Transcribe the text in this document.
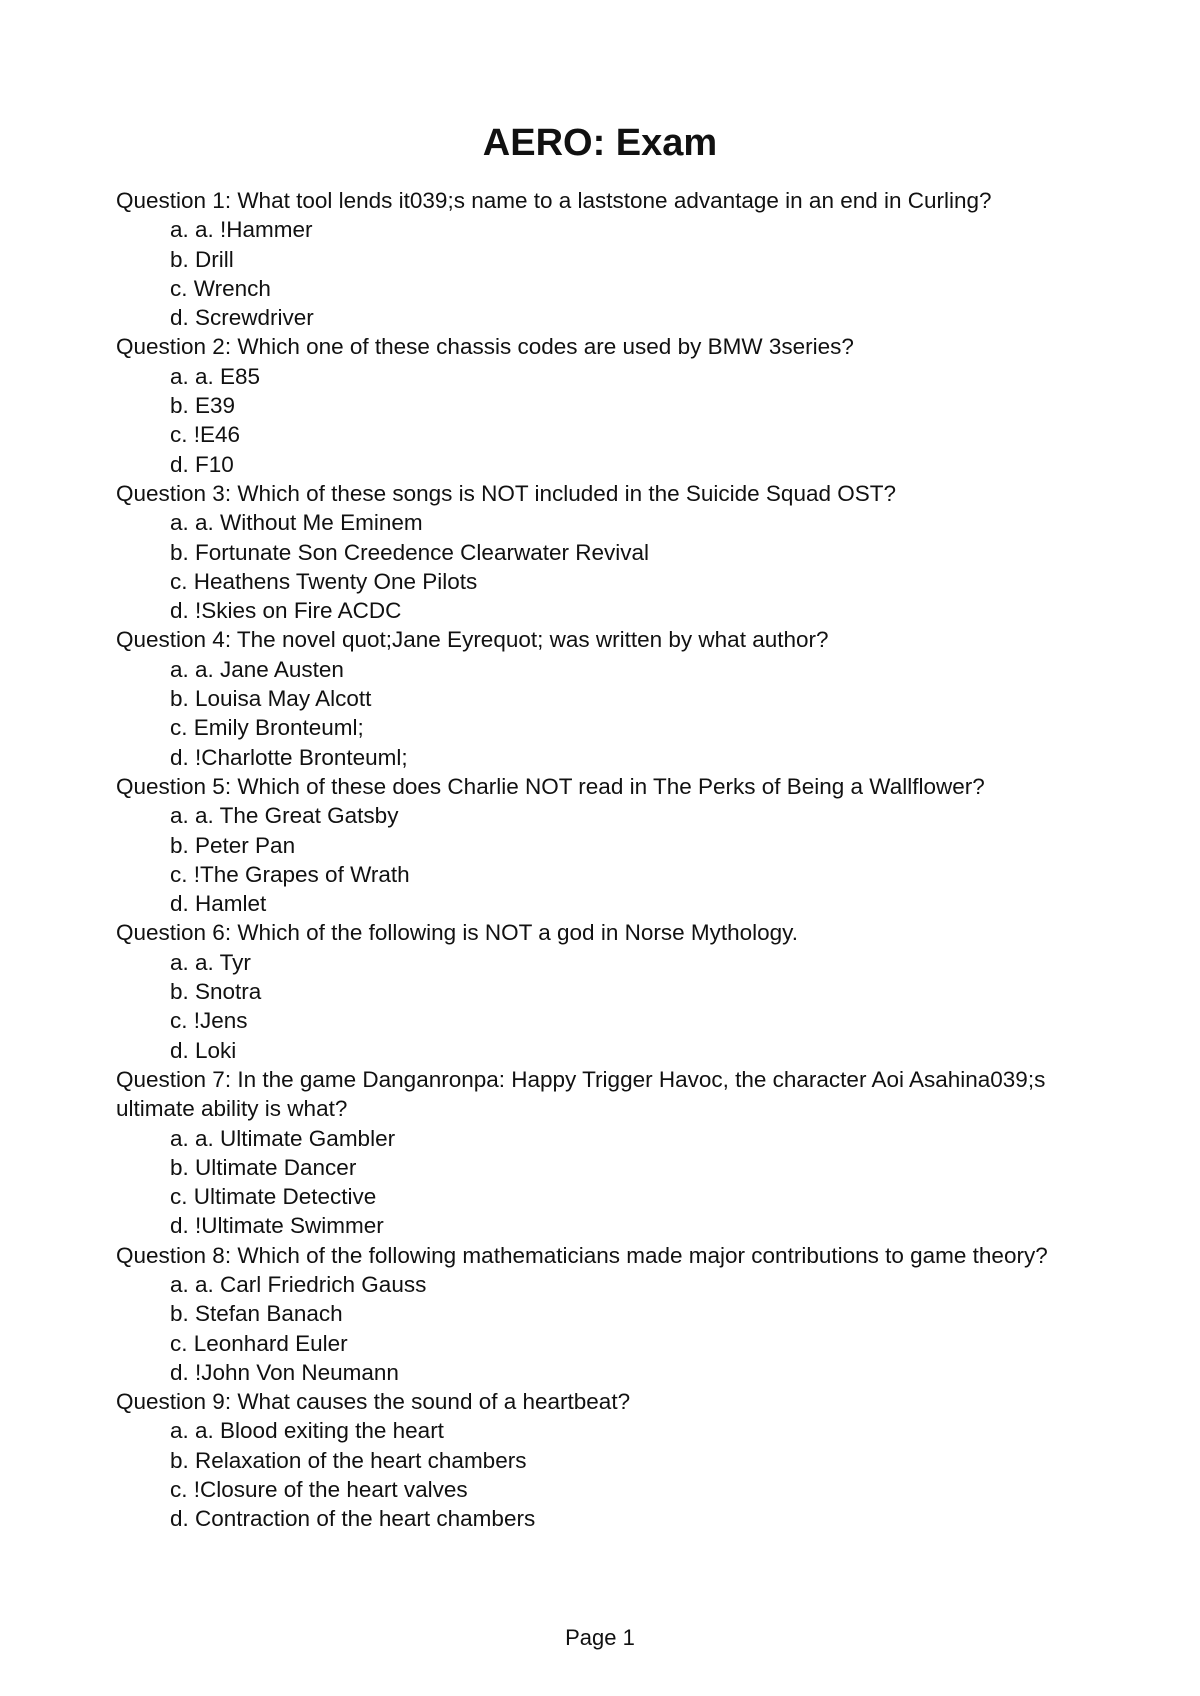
AERO: Exam

Question 1: What tool lends it039;s name to a laststone advantage in an end in Curling?

a. a. !Hammer
b. Drill
c. Wrench
d. Screwdriver

Question 2: Which one of these chassis codes are used by BMW 3series?

a. a. E85
b. E39
c. !E46
d. F10

Question 3: Which of these songs is NOT included in the Suicide Squad OST?

a. a. Without Me Eminem
b. Fortunate Son Creedence Clearwater Revival
c. Heathens Twenty One Pilots
d. !Skies on Fire ACDC

Question 4: The novel quot;Jane Eyrequot; was written by what author?

a. a. Jane Austen
b. Louisa May Alcott
c. Emily Bronteuml;
d. !Charlotte Bronteuml;

Question 5: Which of these does Charlie NOT read in The Perks of Being a Wallflower?

a. a. The Great Gatsby
b. Peter Pan
c. !The Grapes of Wrath
d. Hamlet

Question 6: Which of the following is NOT a god in Norse Mythology.

a. a. Tyr
b. Snotra
c. !Jens
d. Loki

Question 7: In the game Danganronpa: Happy Trigger Havoc, the character Aoi Asahina039;s ultimate ability is what?

a. a. Ultimate Gambler
b. Ultimate Dancer
c. Ultimate Detective
d. !Ultimate Swimmer

Question 8: Which of the following mathematicians made major contributions to game theory?

a. a. Carl Friedrich Gauss
b. Stefan Banach
c. Leonhard Euler
d. !John Von Neumann

Question 9: What causes the sound of a heartbeat?

a. a. Blood exiting the heart
b. Relaxation of the heart chambers
c. !Closure of the heart valves
d. Contraction of the heart chambers
Page 1
